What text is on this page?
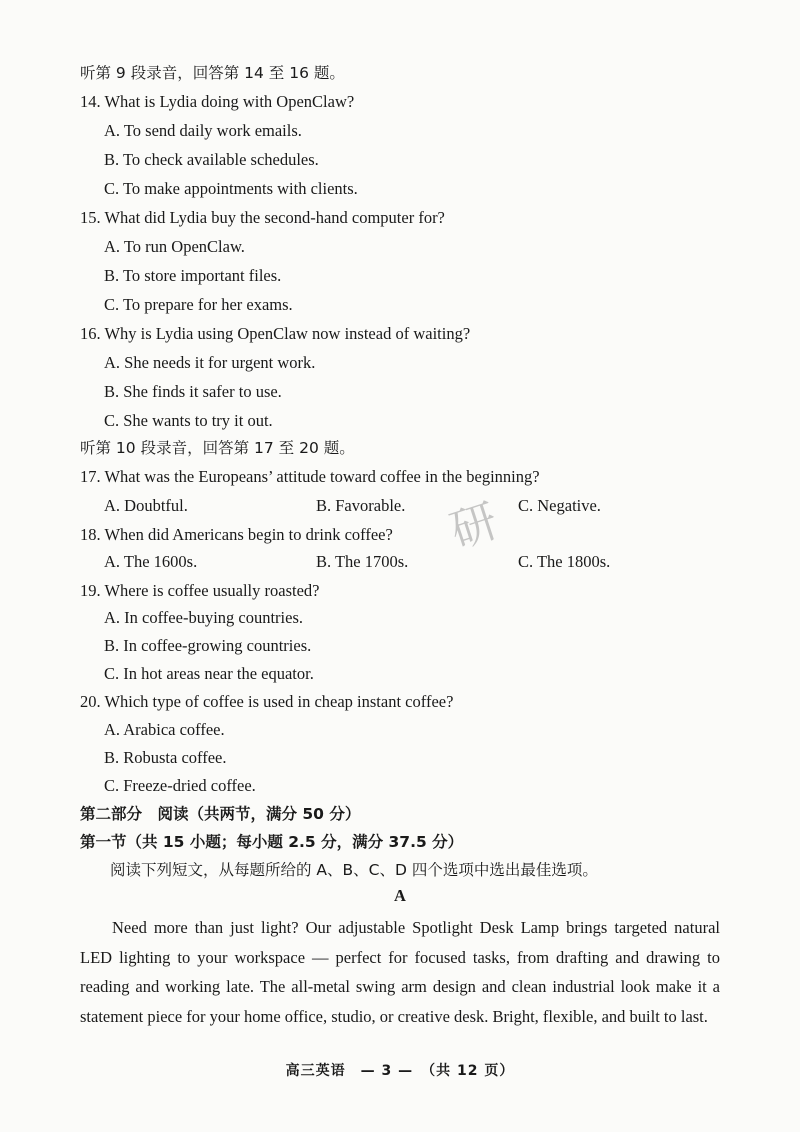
听第 9 段录音，回答第 14 至 16 题。
14. What is Lydia doing with OpenClaw?
A. To send daily work emails.
B. To check available schedules.
C. To make appointments with clients.
15. What did Lydia buy the second-hand computer for?
A. To run OpenClaw.
B. To store important files.
C. To prepare for her exams.
16. Why is Lydia using OpenClaw now instead of waiting?
A. She needs it for urgent work.
B. She finds it safer to use.
C. She wants to try it out.
听第 10 段录音，回答第 17 至 20 题。
17. What was the Europeans’ attitude toward coffee in the beginning?
A. Doubtful.	B. Favorable.	C. Negative.
18. When did Americans begin to drink coffee?
A. The 1600s.	B. The 1700s.	C. The 1800s.
19. Where is coffee usually roasted?
A. In coffee-buying countries.
B. In coffee-growing countries.
C. In hot areas near the equator.
20. Which type of coffee is used in cheap instant coffee?
A. Arabica coffee.
B. Robusta coffee.
C. Freeze-dried coffee.
第二部分　阅读（共两节，满分 50 分）
第一节（共 15 小题；每小题 2.5 分，满分 37.5 分）
阅读下列短文，从每题所给的 A、B、C、D 四个选项中选出最佳选项。
A
Need more than just light? Our adjustable Spotlight Desk Lamp brings targeted natural LED lighting to your workspace — perfect for focused tasks, from drafting and drawing to reading and working late. The all-metal swing arm design and clean industrial look make it a statement piece for your home office, studio, or creative desk. Bright, flexible, and built to last.
高三英语　— 3 —　（共 12 页）
研
